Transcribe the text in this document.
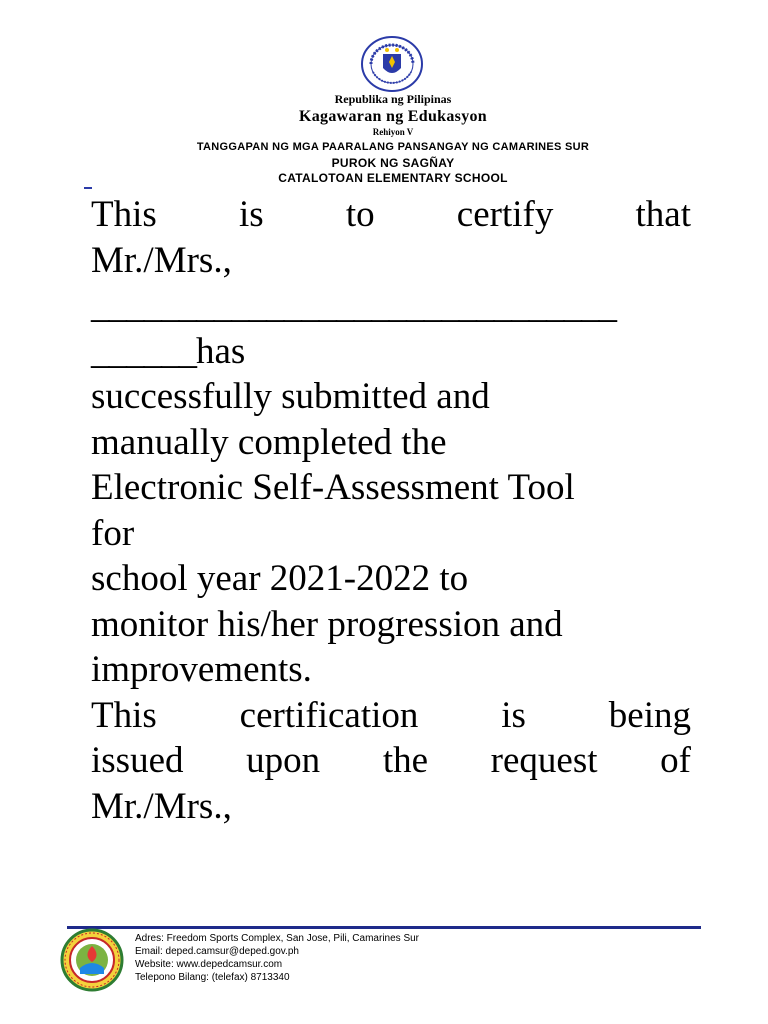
Republika ng Pilipinas
Kagawaran ng Edukasyon
Rehiyon V
TANGGAPAN NG MGA PAARALANG PANSANGAY NG CAMARINES SUR
PUROK NG SAGÑAY
CATALOTOAN ELEMENTARY SCHOOL

This is to certify that

Mr./Mrs.,

______________________________

______has

successfully submitted and

manually completed the

Electronic Self-Assessment Tool

for

school year 2021-2022 to

monitor his/her progression and

improvements.

This certification is being

issued upon the request of

Mr./Mrs.,

Adres: Freedom Sports Complex, San Jose, Pili, Camarines Sur
Email: deped.camsur@deped.gov.ph
Website: www.depedcamsur.com
Telepono Bilang: (telefax) 8713340
